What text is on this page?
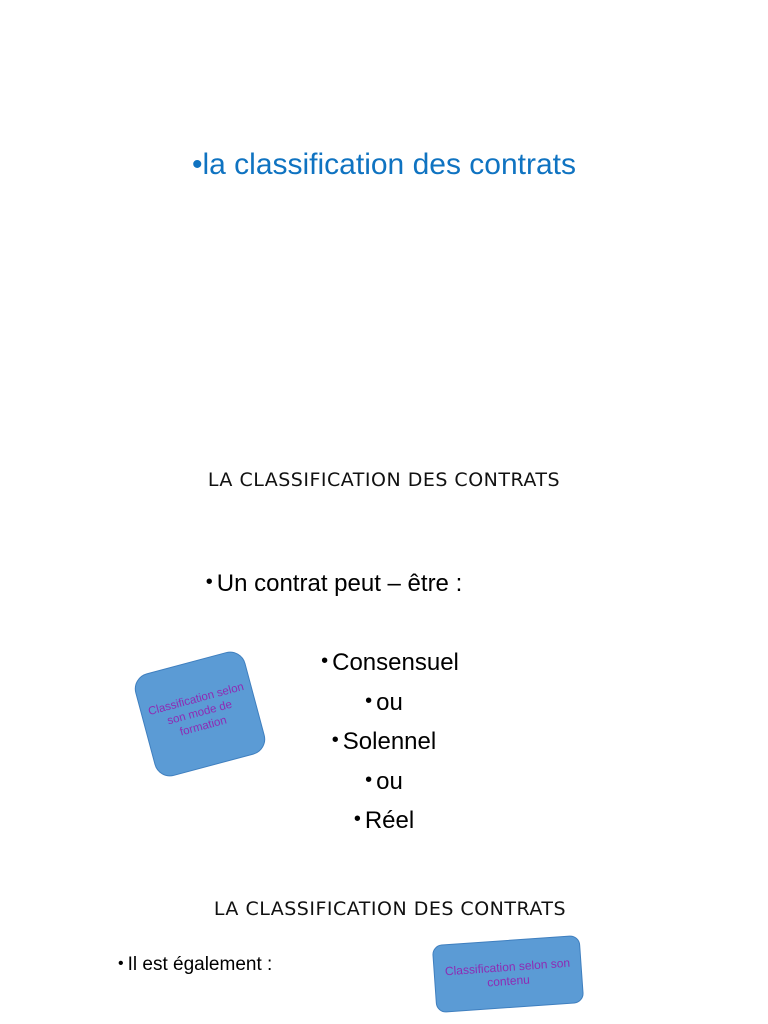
•la classification des contrats
LA CLASSIFICATION DES CONTRATS
• Un contrat peut – être :
• Consensuel
• ou
• Solennel
• ou
• Réel
Classification selon son mode de formation
LA CLASSIFICATION DES CONTRATS
• Il est également :	Classification selon son contenu
